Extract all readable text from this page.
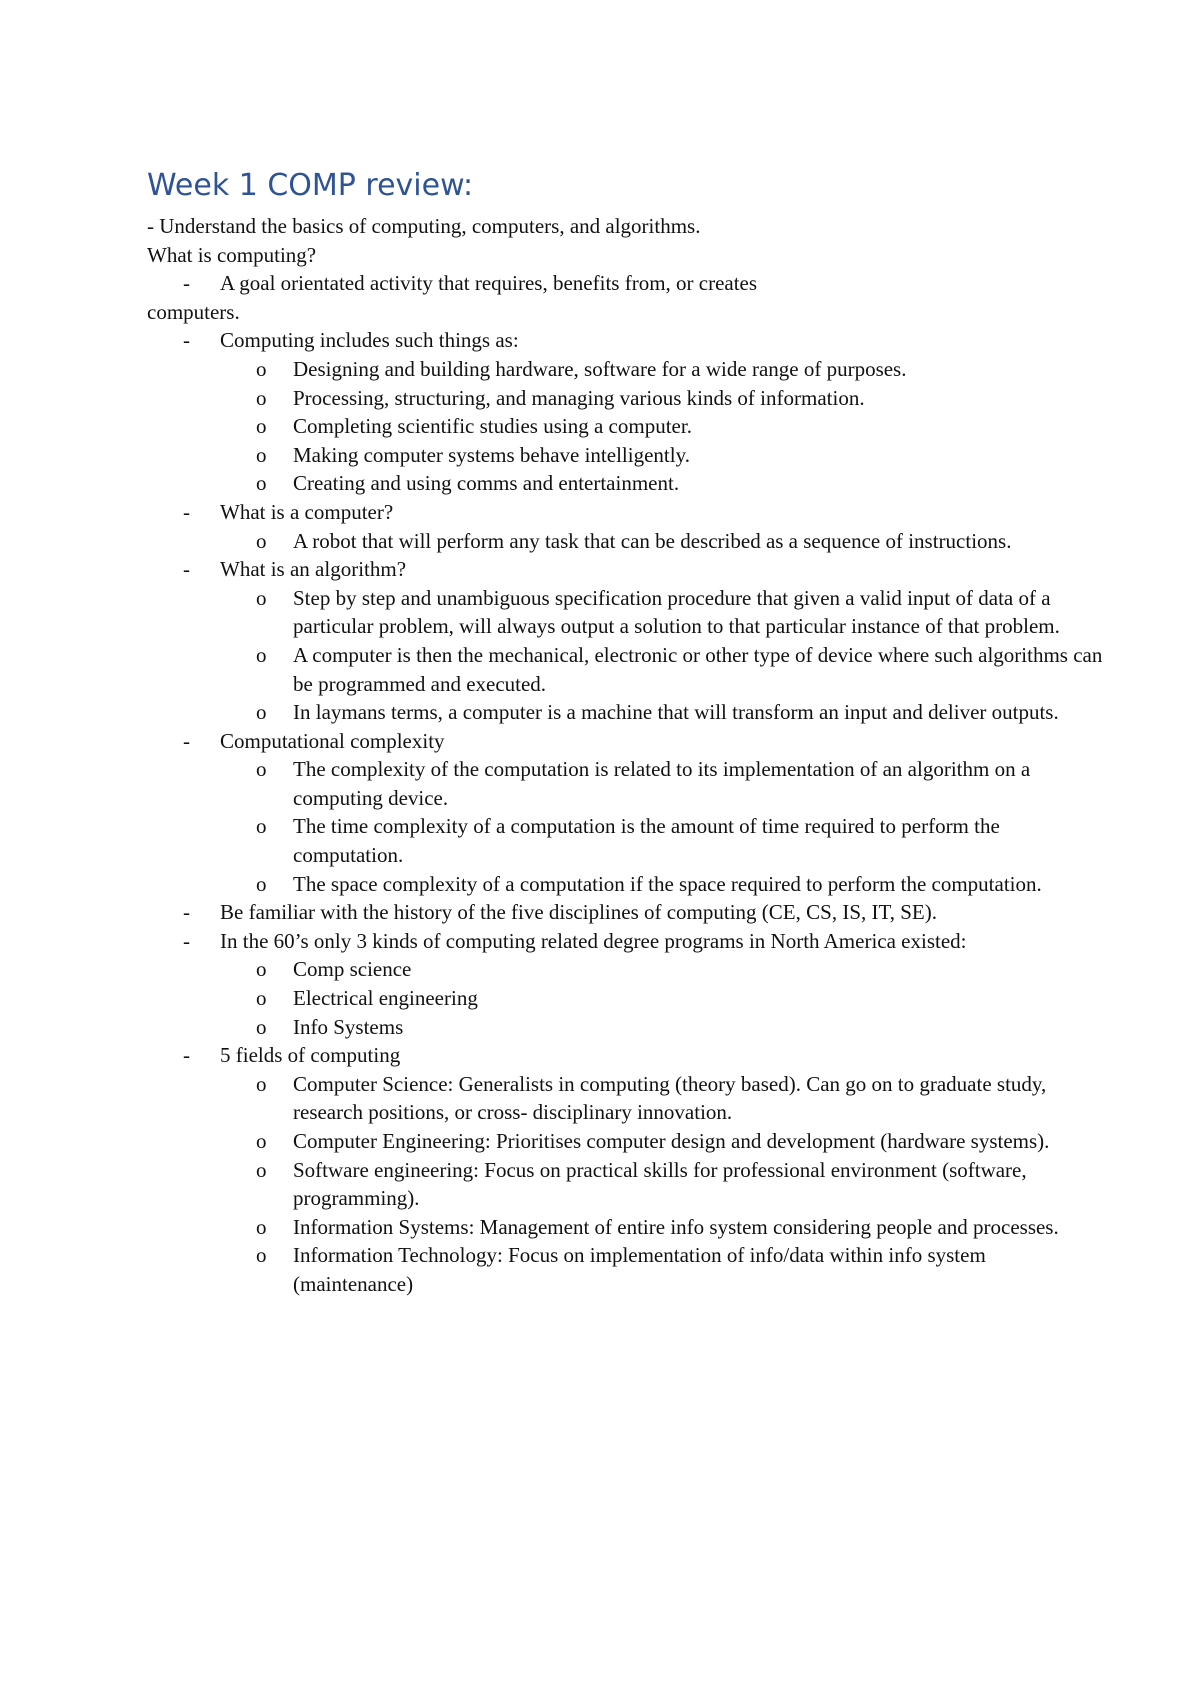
Week 1 COMP review:

- Understand the basics of computing, computers, and algorithms.

What is computing?

- A goal orientated activity that requires, benefits from, or creates

computers.

- Computing includes such things as:
o Designing and building hardware, software for a wide range of purposes.
o Processing, structuring, and managing various kinds of information.
o Completing scientific studies using a computer.
o Making computer systems behave intelligently.
o Creating and using comms and entertainment.
- What is a computer?
o A robot that will perform any task that can be described as a sequence of instructions.
- What is an algorithm?
o Step by step and unambiguous specification procedure that given a valid input of data of a particular problem, will always output a solution to that particular instance of that problem.
o A computer is then the mechanical, electronic or other type of device where such algorithms can be programmed and executed.
o In laymans terms, a computer is a machine that will transform an input and deliver outputs.
- Computational complexity
o The complexity of the computation is related to its implementation of an algorithm on a computing device.
o The time complexity of a computation is the amount of time required to perform the computation.
o The space complexity of a computation if the space required to perform the computation.
- Be familiar with the history of the five disciplines of computing (CE, CS, IS, IT, SE).
- In the 60’s only 3 kinds of computing related degree programs in North America existed:
o Comp science
o Electrical engineering
o Info Systems
- 5 fields of computing
o Computer Science: Generalists in computing (theory based). Can go on to graduate study, research positions, or cross- disciplinary innovation.
o Computer Engineering: Prioritises computer design and development (hardware systems).
o Software engineering: Focus on practical skills for professional environment (software, programming).
o Information Systems: Management of entire info system considering people and processes.
o Information Technology: Focus on implementation of info/data within info system (maintenance)
